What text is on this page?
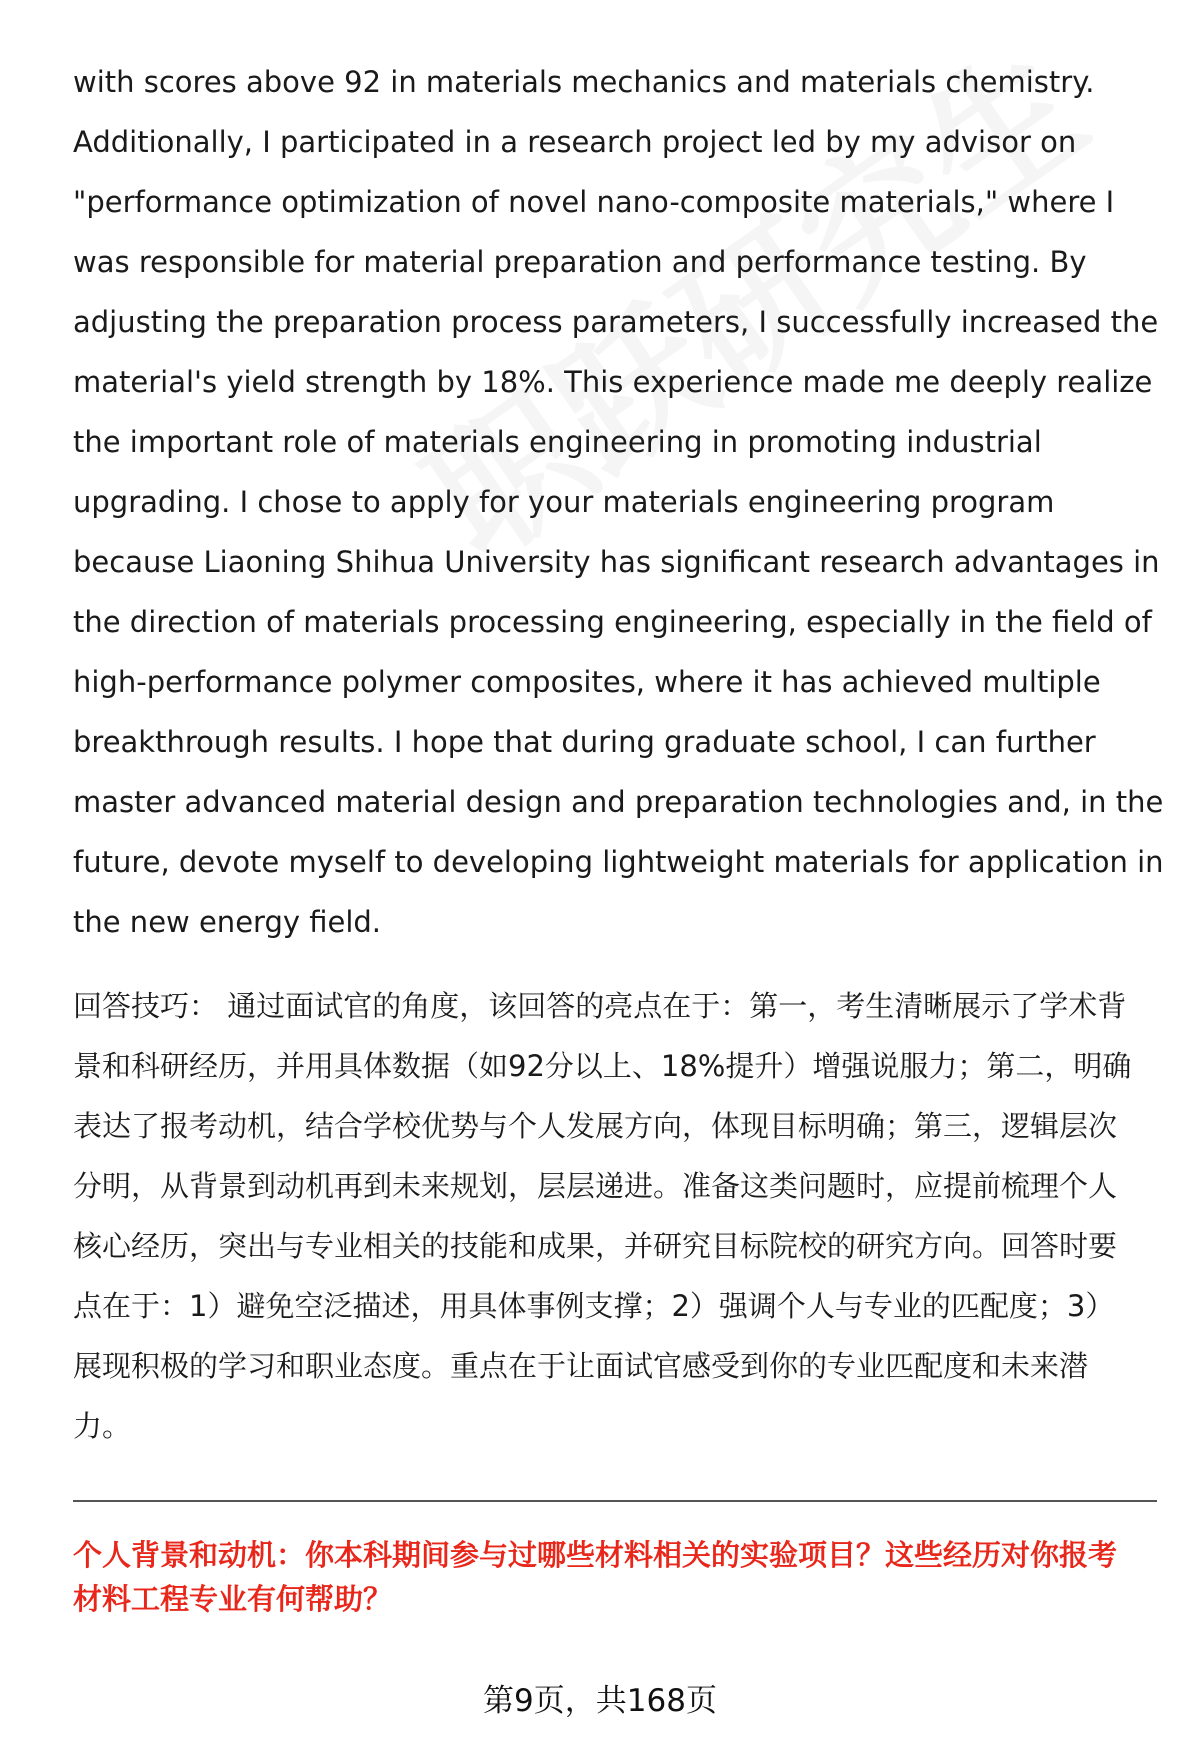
with scores above 92 in materials mechanics and materials chemistry.
Additionally, I participated in a research project led by my advisor on
"performance optimization of novel nano-composite materials," where I
was responsible for material preparation and performance testing. By
adjusting the preparation process parameters, I successfully increased the
material's yield strength by 18%. This experience made me deeply realize
the important role of materials engineering in promoting industrial
upgrading. I chose to apply for your materials engineering program
because Liaoning Shihua University has significant research advantages in
the direction of materials processing engineering, especially in the field of
high-performance polymer composites, where it has achieved multiple
breakthrough results. I hope that during graduate school, I can further
master advanced material design and preparation technologies and, in the
future, devote myself to developing lightweight materials for application in
the new energy field.
回答技巧： 通过面试官的角度，该回答的亮点在于：第一，考生清晰展示了学术背
景和科研经历，并用具体数据（如92分以上、18%提升）增强说服力；第二，明确
表达了报考动机，结合学校优势与个人发展方向，体现目标明确；第三，逻辑层次
分明，从背景到动机再到未来规划，层层递进。准备这类问题时，应提前梳理个人
核心经历，突出与专业相关的技能和成果，并研究目标院校的研究方向。回答时要
点在于：1）避免空泛描述，用具体事例支撑；2）强调个人与专业的匹配度；3）
展现积极的学习和职业态度。重点在于让面试官感受到你的专业匹配度和未来潜
力。
个人背景和动机：你本科期间参与过哪些材料相关的实验项目？这些经历对你报考
材料工程专业有何帮助？
第9页，共168页
